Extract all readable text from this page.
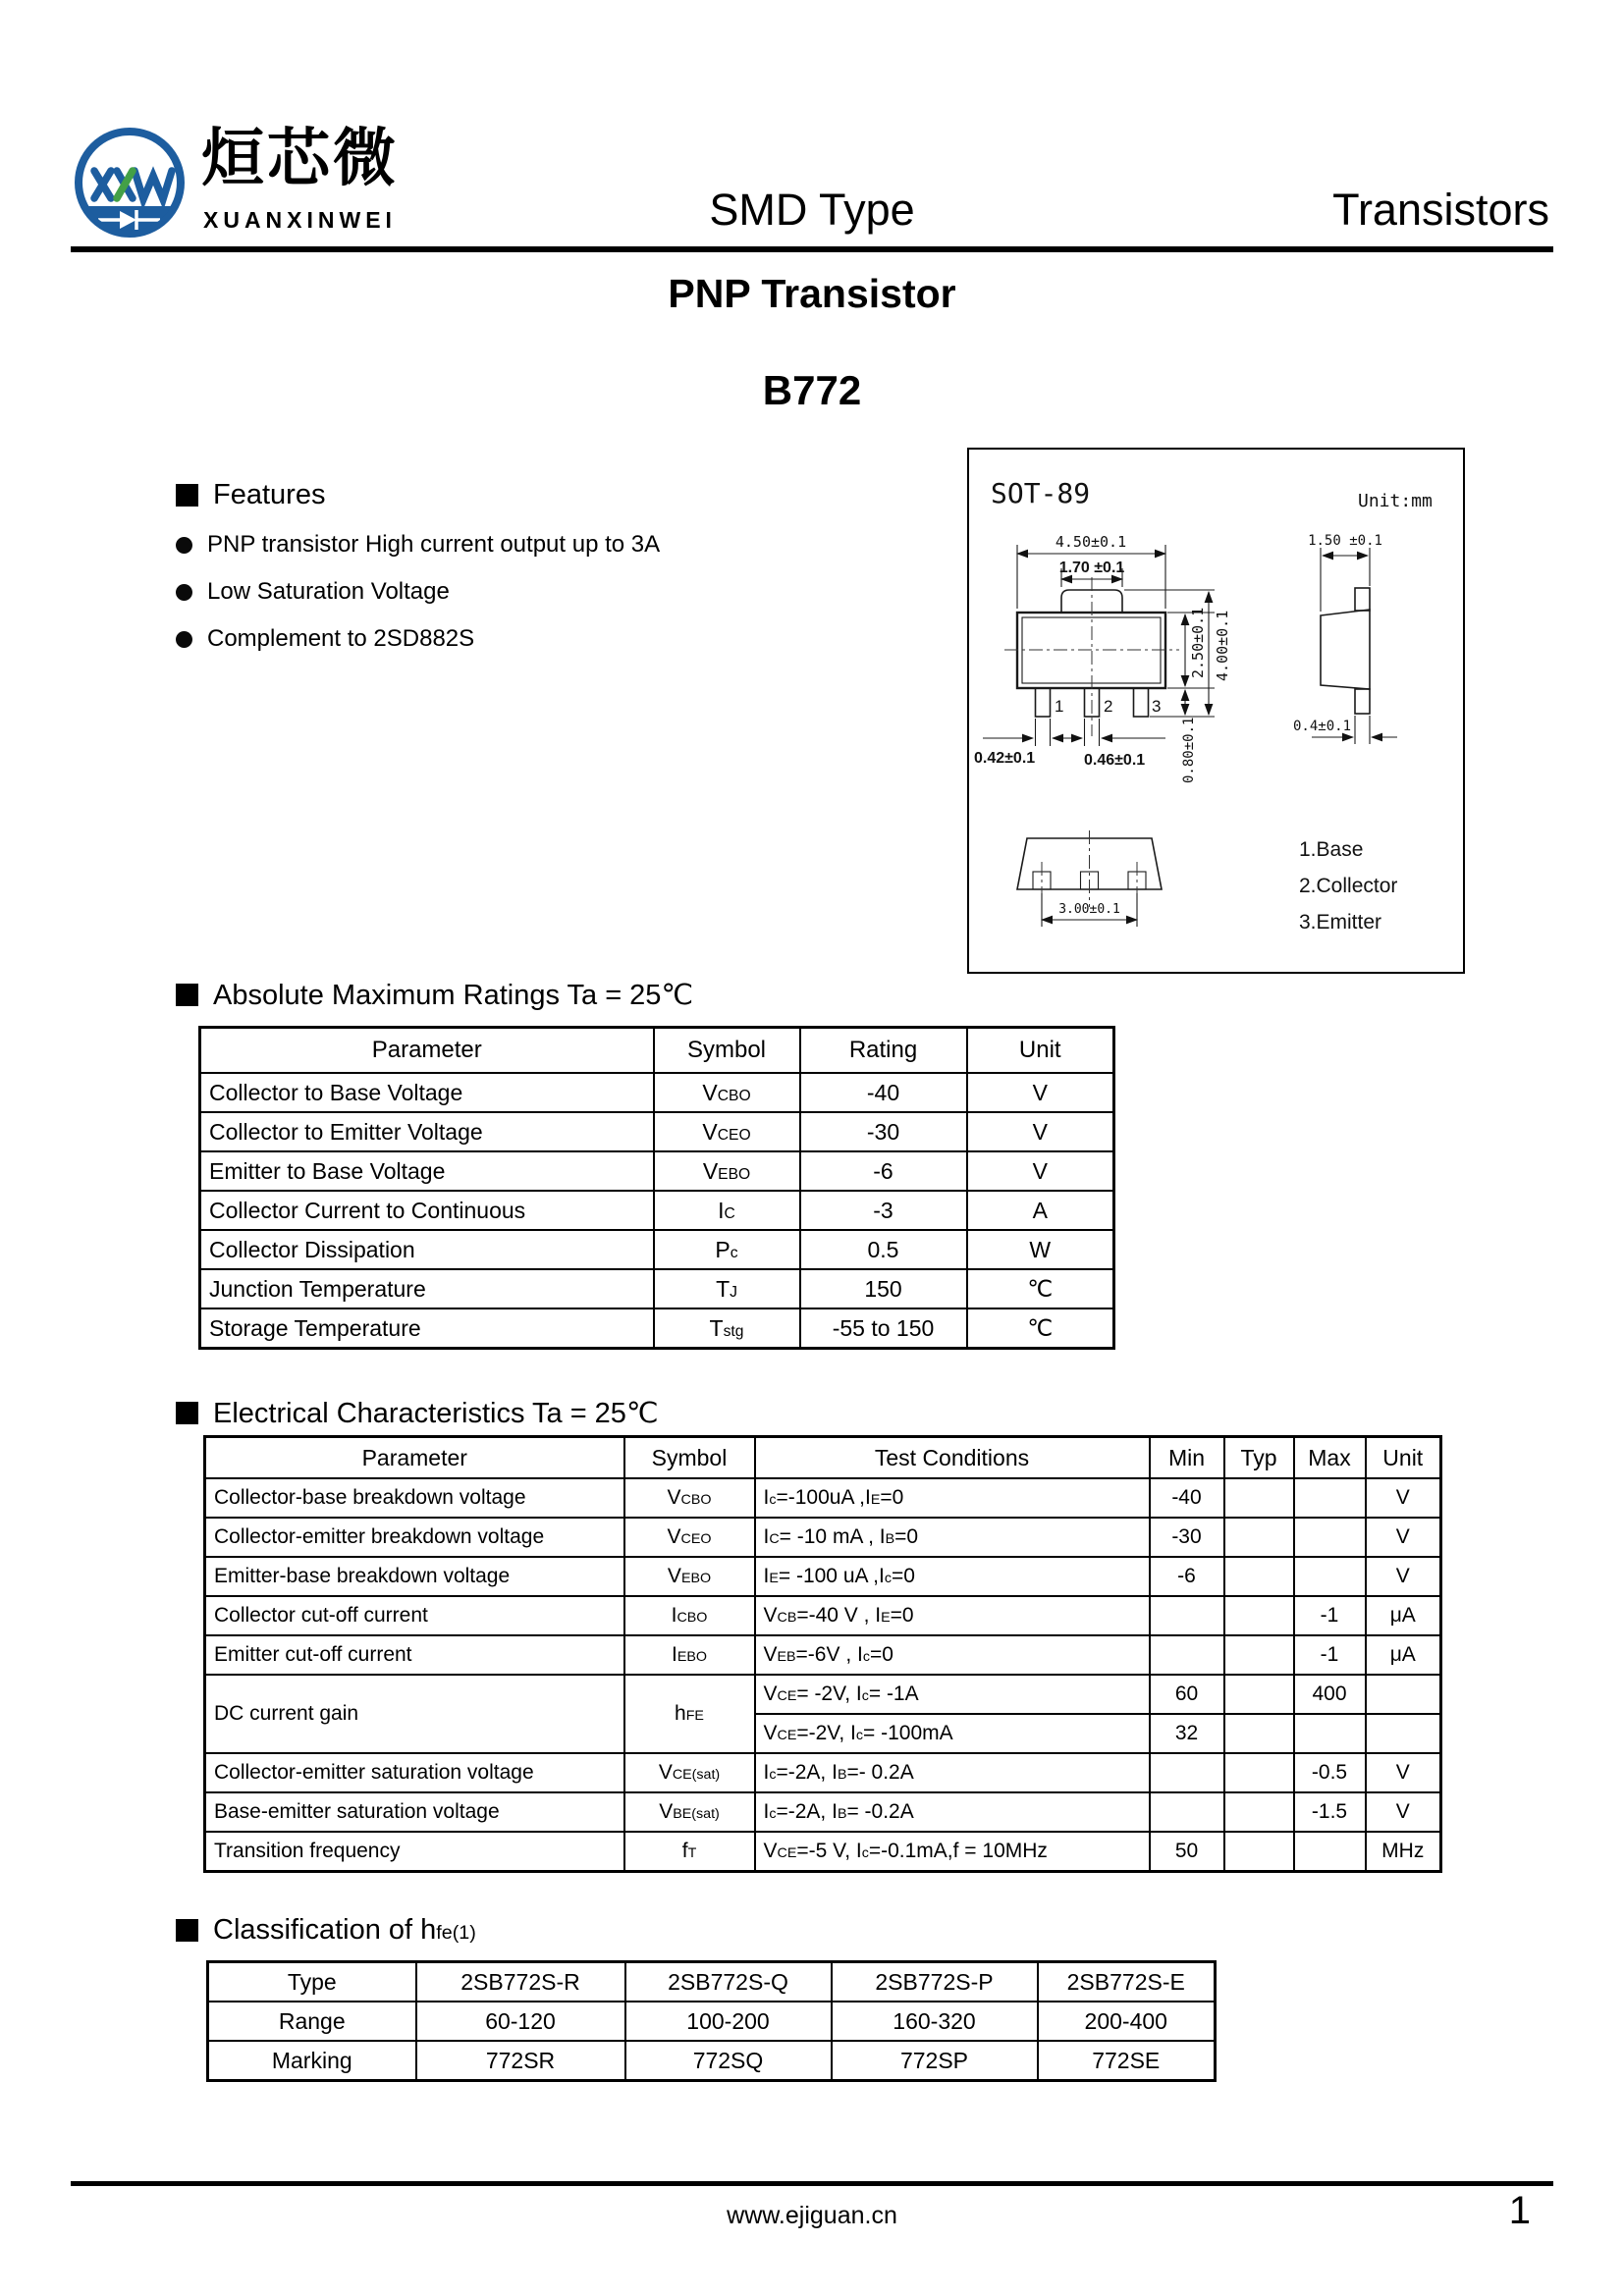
烜芯微
XUANXINWEI	SMD Type	Transistors
PNP Transistor
B772
Features
PNP transistor High current output up to 3A
Low Saturation Voltage
Complement to 2SD882S
SOT-89	Unit:mm
1 2 3
4.50±0.1
1.70 ±0.1
2.50±0.1 4.00±0.1
0.80±0.1
0.42±0.1	0.46±0.1
1.50 ±0.1
0.4±0.1
3.00±0.1
1.Base
2.Collector
3.Emitter
Absolute Maximum Ratings Ta = 25℃
Parameter	Symbol	Rating	Unit
Collector to Base Voltage	VCBO	-40	V
Collector to Emitter Voltage	VCEO	-30	V
Emitter to Base Voltage	VEBO	-6	V
Collector Current to Continuous	IC	-3	A
Collector Dissipation	Pc	0.5	W
Junction Temperature	TJ	150	℃
Storage Temperature	Tstg	-55 to 150	℃
Electrical Characteristics Ta = 25℃
Parameter	Symbol	Test Conditions	Min	Typ	Max	Unit
Collector-base breakdown voltage	VCBO	Ic=-100uA ,IE=0	-40			V
Collector-emitter breakdown voltage	VCEO	IC= -10 mA , IB=0	-30			V
Emitter-base breakdown voltage	VEBO	IE= -100 uA ,Ic=0	-6			V
Collector cut-off current	ICBO	VCB=-40 V , IE=0			-1	μA
Emitter cut-off current	IEBO	VEB=-6V , Ic=0			-1	μA
DC current gain	hFE	VCE= -2V, Ic= -1A	60		400	
		VCE=-2V, Ic= -100mA	32			
Collector-emitter saturation voltage	VCE(sat)	Ic=-2A, IB=- 0.2A			-0.5	V
Base-emitter saturation voltage	VBE(sat)	Ic=-2A, IB= -0.2A			-1.5	V
Transition frequency	fT	VCE=-5 V, Ic=-0.1mA,f = 10MHz	50			MHz
Classification of hfe(1)
Type	2SB772S-R	2SB772S-Q	2SB772S-P	2SB772S-E
Range	60-120	100-200	160-320	200-400
Marking	772SR	772SQ	772SP	772SE
www.ejiguan.cn	1
